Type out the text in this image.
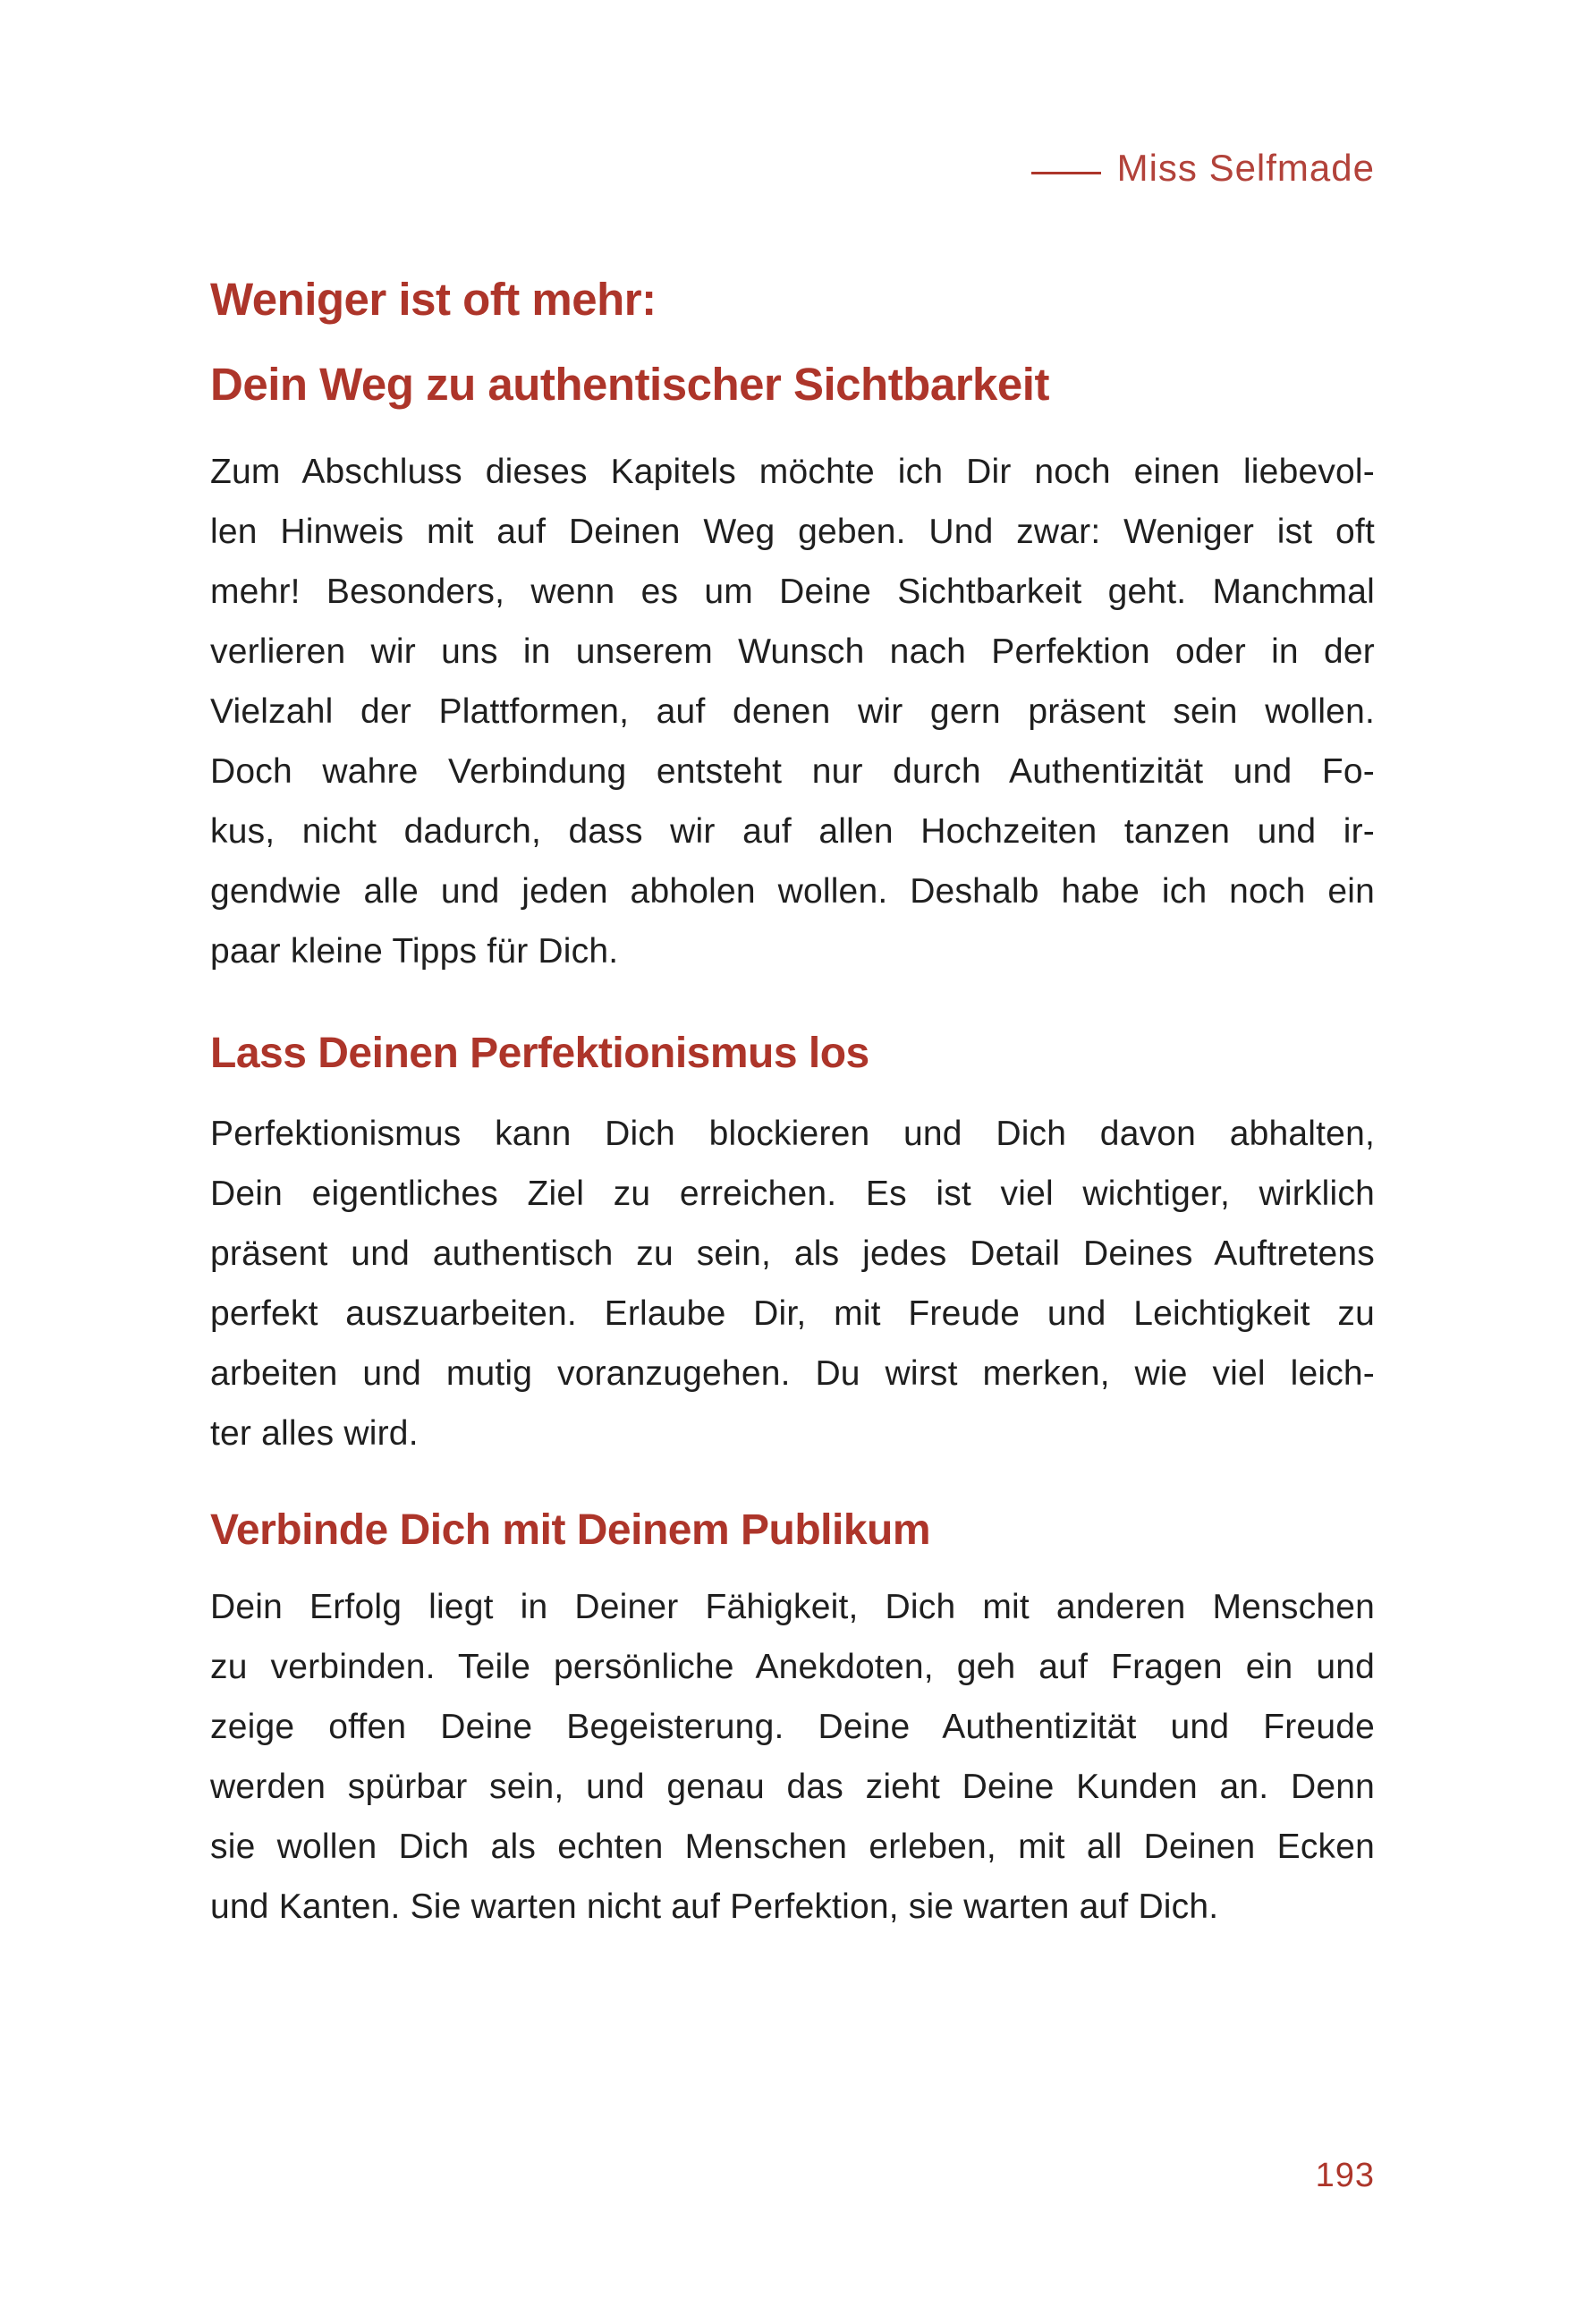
Miss Selfmade
Weniger ist oft mehr:
Dein Weg zu authentischer Sichtbarkeit
Zum Abschluss dieses Kapitels möchte ich Dir noch einen liebevol-
len Hinweis mit auf Deinen Weg geben. Und zwar: Weniger ist oft
mehr! Besonders, wenn es um Deine Sichtbarkeit geht. Manchmal
verlieren wir uns in unserem Wunsch nach Perfektion oder in der
Vielzahl der Plattformen, auf denen wir gern präsent sein wollen.
Doch wahre Verbindung entsteht nur durch Authentizität und Fo-
kus, nicht dadurch, dass wir auf allen Hochzeiten tanzen und ir-
gendwie alle und jeden abholen wollen. Deshalb habe ich noch ein
paar kleine Tipps für Dich.
Lass Deinen Perfektionismus los
Perfektionismus kann Dich blockieren und Dich davon abhalten,
Dein eigentliches Ziel zu erreichen. Es ist viel wichtiger, wirklich
präsent und authentisch zu sein, als jedes Detail Deines Auftretens
perfekt auszuarbeiten. Erlaube Dir, mit Freude und Leichtigkeit zu
arbeiten und mutig voranzugehen. Du wirst merken, wie viel leich-
ter alles wird.
Verbinde Dich mit Deinem Publikum
Dein Erfolg liegt in Deiner Fähigkeit, Dich mit anderen Menschen
zu verbinden. Teile persönliche Anekdoten, geh auf Fragen ein und
zeige offen Deine Begeisterung. Deine Authentizität und Freude
werden spürbar sein, und genau das zieht Deine Kunden an. Denn
sie wollen Dich als echten Menschen erleben, mit all Deinen Ecken
und Kanten. Sie warten nicht auf Perfektion, sie warten auf Dich.
193
